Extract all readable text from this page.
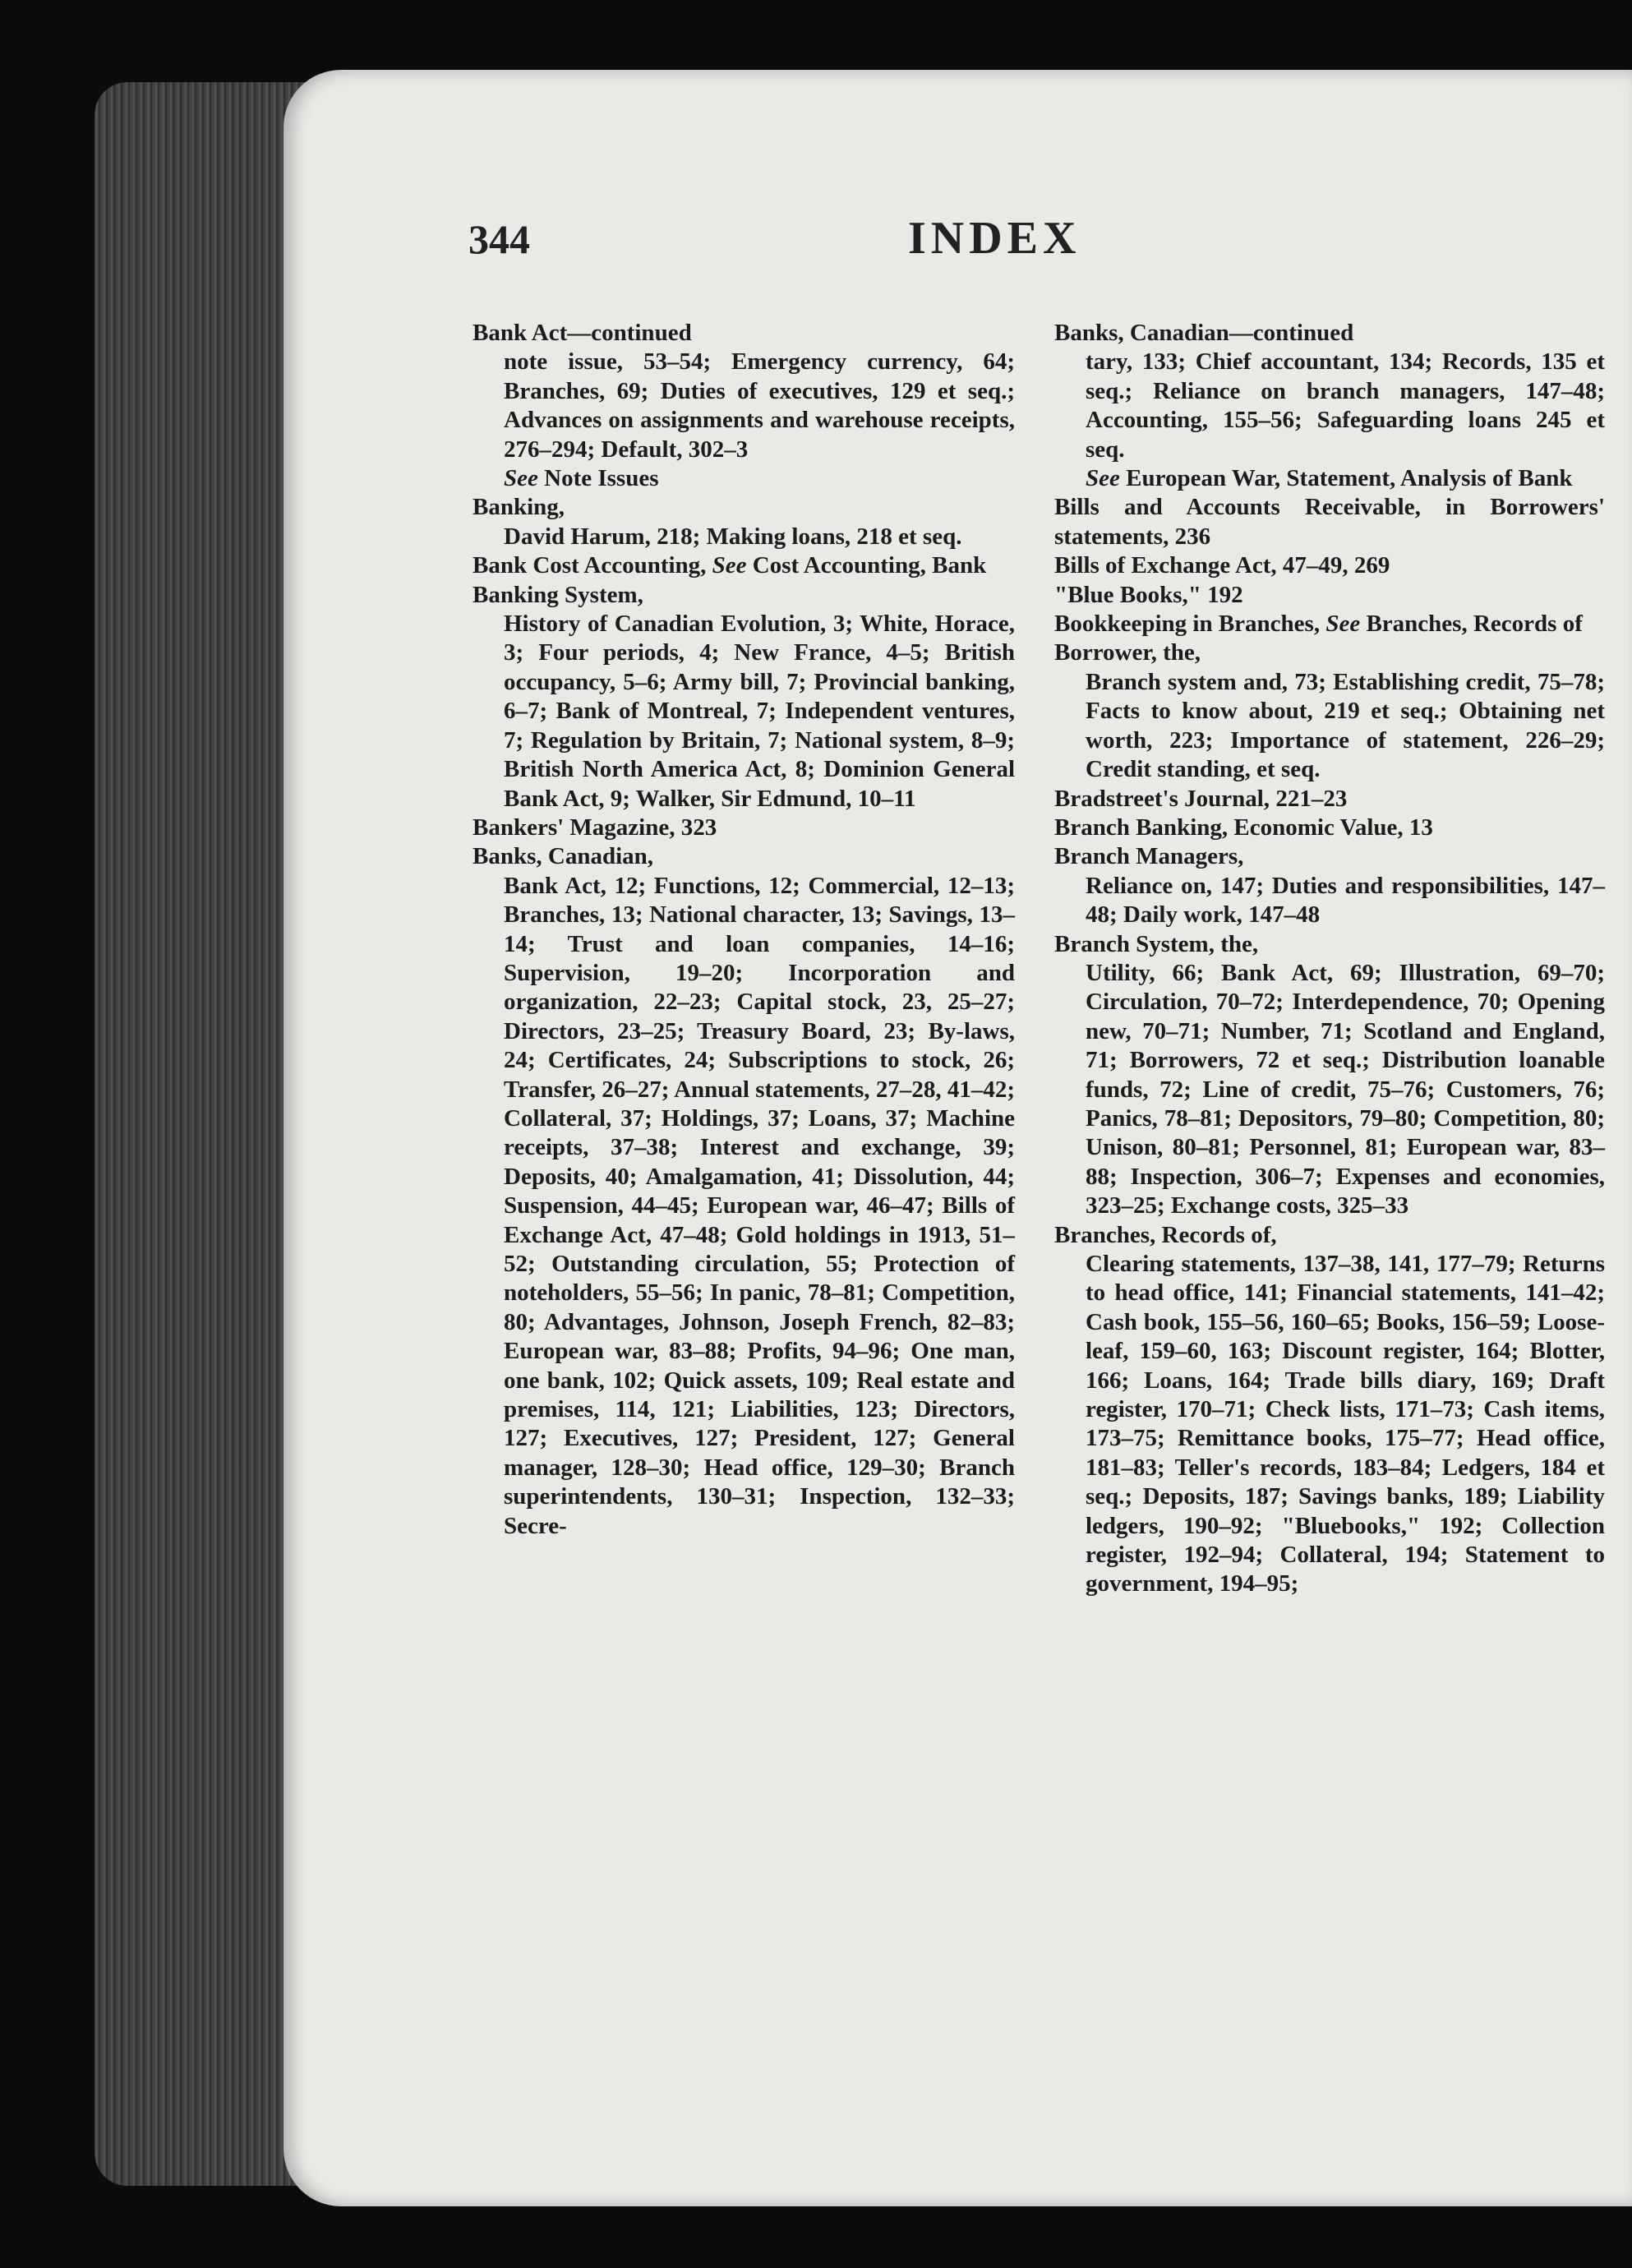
344	INDEX

Bank Act—continued

note issue, 53–54; Emergency currency, 64; Branches, 69; Duties of executives, 129 et seq.; Advances on assignments and warehouse receipts, 276–294; Default, 302–3

See Note Issues

Banking,

David Harum, 218; Making loans, 218 et seq.

Bank Cost Accounting, See Cost Accounting, Bank

Banking System,

History of Canadian Evolution, 3; White, Horace, 3; Four periods, 4; New France, 4–5; British occupancy, 5–6; Army bill, 7; Provincial banking, 6–7; Bank of Montreal, 7; Independent ventures, 7; Regulation by Britain, 7; National system, 8–9; British North America Act, 8; Dominion General Bank Act, 9; Walker, Sir Edmund, 10–11

Bankers' Magazine, 323

Banks, Canadian,

Bank Act, 12; Functions, 12; Commercial, 12–13; Branches, 13; National character, 13; Savings, 13–14; Trust and loan companies, 14–16; Supervision, 19–20; Incorporation and organization, 22–23; Capital stock, 23, 25–27; Directors, 23–25; Treasury Board, 23; By-laws, 24; Certificates, 24; Subscriptions to stock, 26; Transfer, 26–27; Annual statements, 27–28, 41–42; Collateral, 37; Holdings, 37; Loans, 37; Machine receipts, 37–38; Interest and exchange, 39; Deposits, 40; Amalgamation, 41; Dissolution, 44; Suspension, 44–45; European war, 46–47; Bills of Exchange Act, 47–48; Gold holdings in 1913, 51–52; Outstanding circulation, 55; Protection of noteholders, 55–56; In panic, 78–81; Competition, 80; Advantages, Johnson, Joseph French, 82–83; European war, 83–88; Profits, 94–96; One man, one bank, 102; Quick assets, 109; Real estate and premises, 114, 121; Liabilities, 123; Directors, 127; Executives, 127; President, 127; General manager, 128–30; Head office, 129–30; Branch superintendents, 130–31; Inspection, 132–33; Secre-

Banks, Canadian—continued

tary, 133; Chief accountant, 134; Records, 135 et seq.; Reliance on branch managers, 147–48; Accounting, 155–56; Safeguarding loans 245 et seq.

See European War, Statement, Analysis of Bank

Bills and Accounts Receivable, in Borrowers' statements, 236

Bills of Exchange Act, 47–49, 269

"Blue Books," 192

Bookkeeping in Branches, See Branches, Records of

Borrower, the,

Branch system and, 73; Establishing credit, 75–78; Facts to know about, 219 et seq.; Obtaining net worth, 223; Importance of statement, 226–29; Credit standing, et seq.

Bradstreet's Journal, 221–23

Branch Banking, Economic Value, 13

Branch Managers,

Reliance on, 147; Duties and responsibilities, 147–48; Daily work, 147–48

Branch System, the,

Utility, 66; Bank Act, 69; Illustration, 69–70; Circulation, 70–72; Interdependence, 70; Opening new, 70–71; Number, 71; Scotland and England, 71; Borrowers, 72 et seq.; Distribution loanable funds, 72; Line of credit, 75–76; Customers, 76; Panics, 78–81; Depositors, 79–80; Competition, 80; Unison, 80–81; Personnel, 81; European war, 83–88; Inspection, 306–7; Expenses and economies, 323–25; Exchange costs, 325–33

Branches, Records of,

Clearing statements, 137–38, 141, 177–79; Returns to head office, 141; Financial statements, 141–42; Cash book, 155–56, 160–65; Books, 156–59; Loose-leaf, 159–60, 163; Discount register, 164; Blotter, 166; Loans, 164; Trade bills diary, 169; Draft register, 170–71; Check lists, 171–73; Cash items, 173–75; Remittance books, 175–77; Head office, 181–83; Teller's records, 183–84; Ledgers, 184 et seq.; Deposits, 187; Savings banks, 189; Liability ledgers, 190–92; "Bluebooks," 192; Collection register, 192–94; Collateral, 194; Statement to government, 194–95;
